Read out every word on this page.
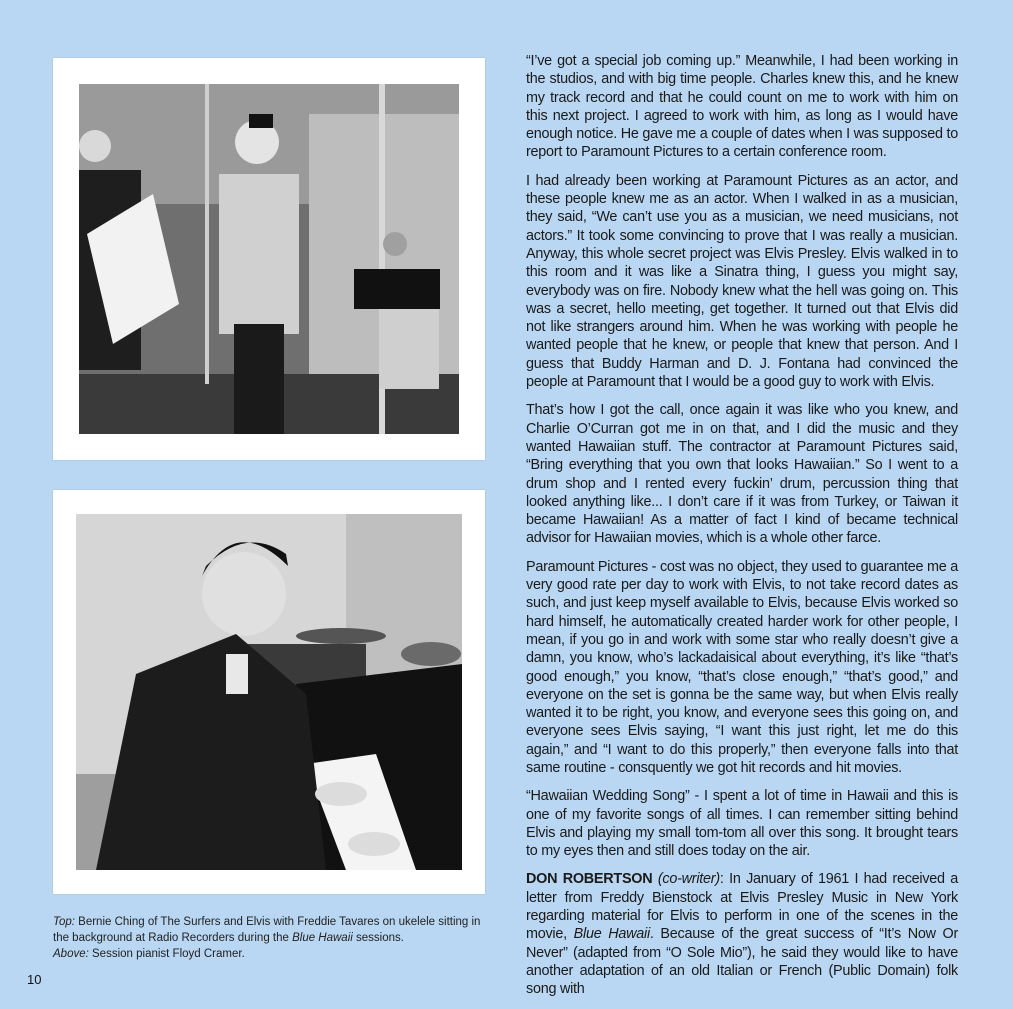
Top: Bernie Ching of The Surfers and Elvis with Freddie Tavares on ukelele sitting in the background at Radio Recorders during the Blue Hawaii sessions.
Above: Session pianist Floyd Cramer.
10

“I’ve got a special job coming up.” Meanwhile, I had been working in the studios, and with big time people. Charles knew this, and he knew my track record and that he could count on me to work with him on this next project. I agreed to work with him, as long as I would have enough notice. He gave me a couple of dates when I was supposed to report to Paramount Pictures to a certain conference room.

I had already been working at Paramount Pictures as an actor, and these people knew me as an actor. When I walked in as a musician, they said, “We can’t use you as a musician, we need musicians, not actors.” It took some convincing to prove that I was really a musician. Anyway, this whole secret project was Elvis Presley. Elvis walked in to this room and it was like a Sinatra thing, I guess you might say, everybody was on fire. Nobody knew what the hell was going on. This was a secret, hello meeting, get together. It turned out that Elvis did not like strangers around him. When he was working with people he wanted people that he knew, or people that knew that person. And I guess that Buddy Harman and D. J. Fontana had convinced the people at Paramount that I would be a good guy to work with Elvis.

That’s how I got the call, once again it was like who you knew, and Charlie O’Curran got me in on that, and I did the music and they wanted Hawaiian stuff. The contractor at Paramount Pictures said, “Bring everything that you own that looks Hawaiian.” So I went to a drum shop and I rented every fuckin’ drum, percussion thing that looked anything like... I don’t care if it was from Turkey, or Taiwan it became Hawaiian! As a matter of fact I kind of became technical advisor for Hawaiian movies, which is a whole other farce.

Paramount Pictures - cost was no object, they used to guarantee me a very good rate per day to work with Elvis, to not take record dates as such, and just keep myself available to Elvis, because Elvis worked so hard himself, he automatically created harder work for other people, I mean, if you go in and work with some star who really doesn’t give a damn, you know, who’s lackadaisical about everything, it’s like “that’s good enough,” you know, “that’s close enough,” “that’s good,” and everyone on the set is gonna be the same way, but when Elvis really wanted it to be right, you know, and everyone sees this going on, and everyone sees Elvis saying, “I want this just right, let me do this again,” and “I want to do this properly,” then everyone falls into that same routine - consquently we got hit records and hit movies.

“Hawaiian Wedding Song” - I spent a lot of time in Hawaii and this is one of my favorite songs of all times. I can remember sitting behind Elvis and playing my small tom-tom all over this song. It brought tears to my eyes then and still does today on the air.

DON ROBERTSON (co-writer): In January of 1961 I had received a letter from Freddy Bienstock at Elvis Presley Music in New York regarding material for Elvis to perform in one of the scenes in the movie, Blue Hawaii. Because of the great success of “It’s Now Or Never” (adapted from “O Sole Mio”), he said they would like to have another adaptation of an old Italian or French (Public Domain) folk song with
